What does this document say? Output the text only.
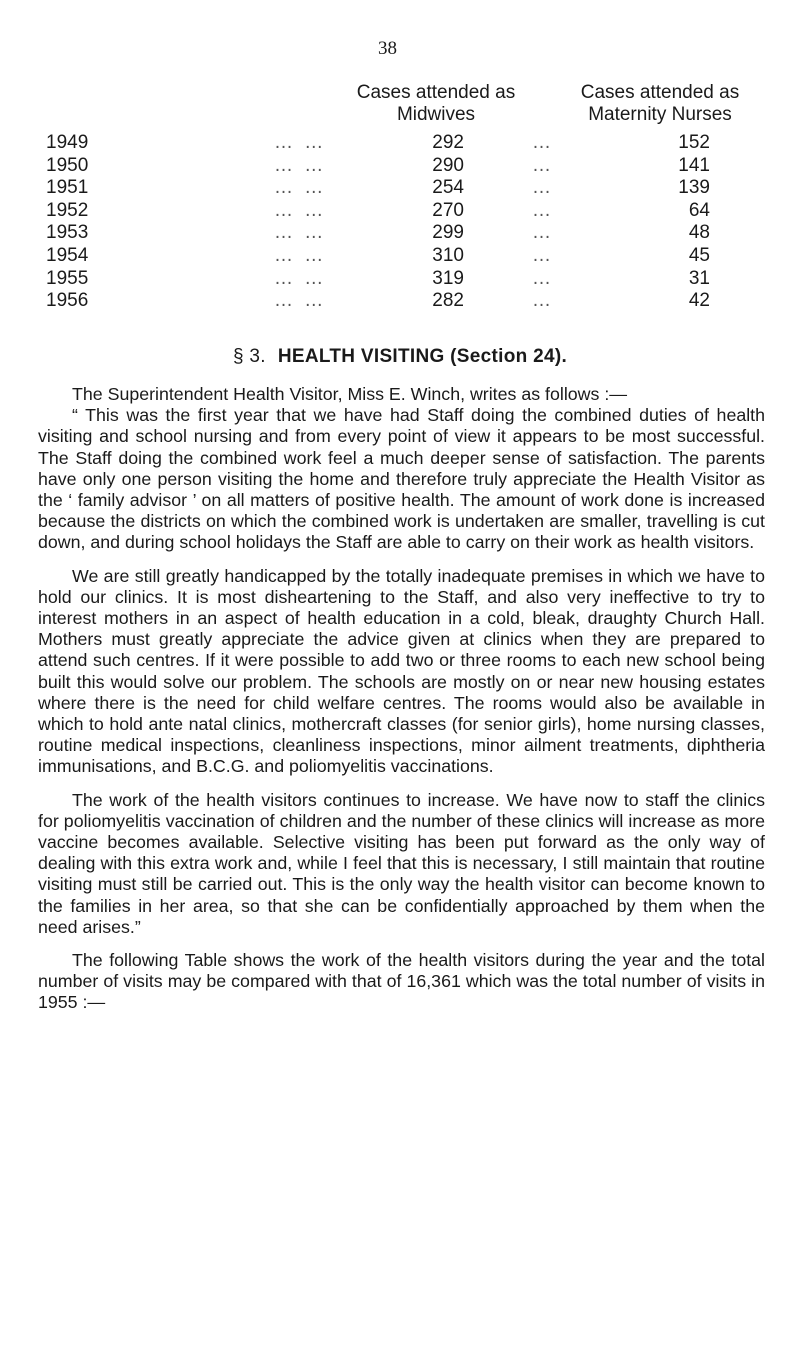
38
Cases attended as Midwives
Cases attended as Maternity Nurses
1949	… …	292	…	152
1950	… …	290	…	141
1951	… …	254	…	139
1952	… …	270	…	64
1953	… …	299	…	48
1954	… …	310	…	45
1955	… …	319	…	31
1956	… …	282	…	42
§ 3. HEALTH VISITING (Section 24).

The Superintendent Health Visitor, Miss E. Winch, writes as follows :—

“ This was the first year that we have had Staff doing the combined duties of health visiting and school nursing and from every point of view it appears to be most successful. The Staff doing the combined work feel a much deeper sense of satisfaction. The parents have only one person visiting the home and therefore truly appreciate the Health Visitor as the ‘ family advisor ’ on all matters of positive health. The amount of work done is increased because the districts on which the combined work is undertaken are smaller, travelling is cut down, and during school holidays the Staff are able to carry on their work as health visitors.

We are still greatly handicapped by the totally inadequate premises in which we have to hold our clinics. It is most disheartening to the Staff, and also very ineffective to try to interest mothers in an aspect of health education in a cold, bleak, draughty Church Hall. Mothers must greatly appreciate the advice given at clinics when they are prepared to attend such centres. If it were possible to add two or three rooms to each new school being built this would solve our problem. The schools are mostly on or near new housing estates where there is the need for child welfare centres. The rooms would also be available in which to hold ante natal clinics, mothercraft classes (for senior girls), home nursing classes, routine medical inspections, cleanliness inspections, minor ailment treatments, diphtheria immunisations, and B.C.G. and poliomyelitis vaccinations.

The work of the health visitors continues to increase. We have now to staff the clinics for poliomyelitis vaccination of children and the number of these clinics will increase as more vaccine becomes available. Selective visiting has been put forward as the only way of dealing with this extra work and, while I feel that this is necessary, I still maintain that routine visiting must still be carried out. This is the only way the health visitor can become known to the families in her area, so that she can be confidentially approached by them when the need arises.”

The following Table shows the work of the health visitors during the year and the total number of visits may be compared with that of 16,361 which was the total number of visits in 1955 :—
